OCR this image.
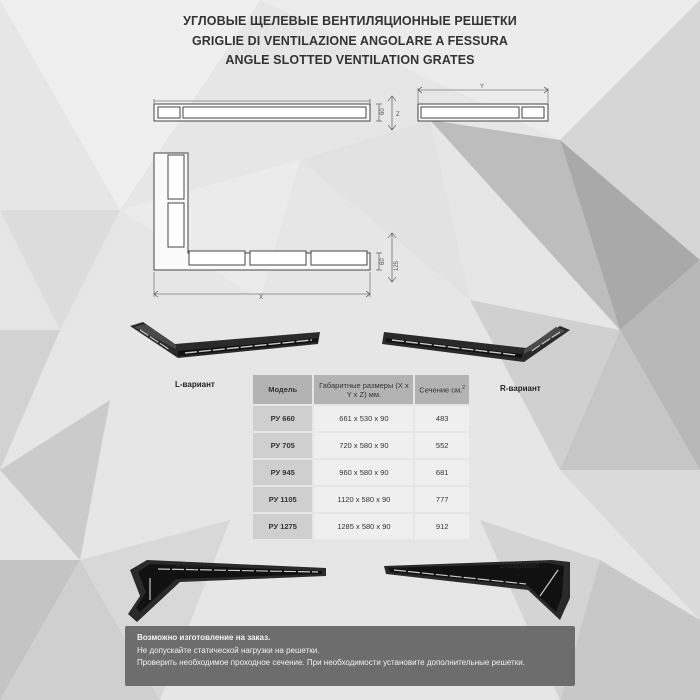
УГЛОВЫЕ ЩЕЛЕВЫЕ ВЕНТИЛЯЦИОННЫЕ РЕШЕТКИ
GRIGLIE DI VENTILAZIONE ANGOLARE A FESSURA
ANGLE SLOTTED VENTILATION GRATES
60 Z
Y
60 125
X
L-вариант	R-вариант
R-вариант	L-вариант
Модель	Габаритные размеры (X x Y x Z) мм.	Сечение см.$^2$
РУ 660	661 x 530 x 90	483
РУ 705	720 x 580 x 90	552
РУ 945	960 x 580 x 90	681
РУ 1105	1120 x 580 x 90	777
РУ 1275	1285 x 580 x 90	912
Возможно изготовление на заказ.
Не допускайте статической нагрузки на решетки.
Проверить необходимое проходное сечение. При необходимости установите дополнительные решетки.
